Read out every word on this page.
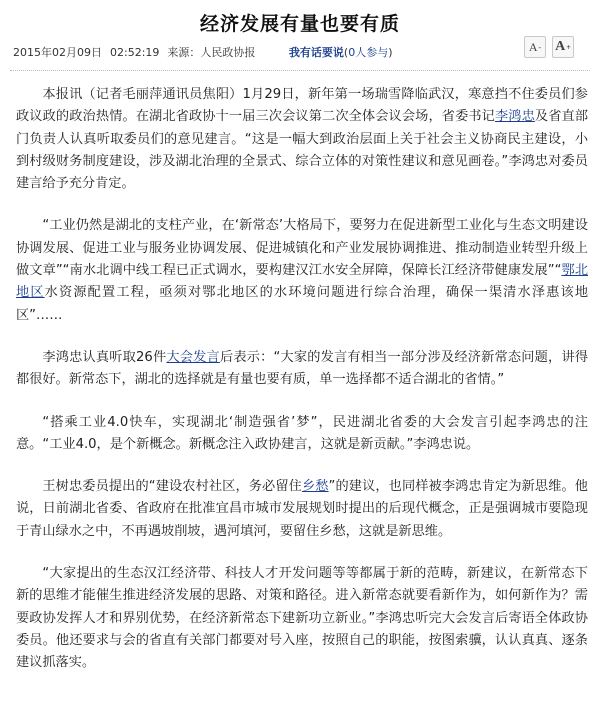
经济发展有量也要有质
2015年02月09日 02:52:19 来源：人民政协报	我有话要说(0人参与)	A - A +

本报讯（记者毛丽萍通讯员焦阳）1月29日，新年第一场瑞雪降临武汉，寒意挡不住委员们参政议政的政治热情。在湖北省政协十一届三次会议第二次全体会议会场，省委书记李鸿忠及省直部门负责人认真听取委员们的意见建言。“这是一幅大到政治层面上关于社会主义协商民主建设，小到村级财务制度建设，涉及湖北治理的全景式、综合立体的对策性建议和意见画卷。”李鸿忠对委员建言给予充分肯定。

“工业仍然是湖北的支柱产业，在‘新常态’大格局下，要努力在促进新型工业化与生态文明建设协调发展、促进工业与服务业协调发展、促进城镇化和产业发展协调推进、推动制造业转型升级上做文章”“南水北调中线工程已正式调水，要构建汉江水安全屏障，保障长江经济带健康发展”“鄂北地区水资源配置工程，亟须对鄂北地区的水环境问题进行综合治理，确保一渠清水泽惠该地区”……

李鸿忠认真听取26件大会发言后表示：“大家的发言有相当一部分涉及经济新常态问题，讲得都很好。新常态下，湖北的选择就是有量也要有质，单一选择都不适合湖北的省情。”

“搭乘工业4.0快车，实现湖北‘制造强省’梦”，民进湖北省委的大会发言引起李鸿忠的注意。“工业4.0，是个新概念。新概念注入政协建言，这就是新贡献。”李鸿忠说。

王树忠委员提出的“建设农村社区，务必留住乡愁”的建议，也同样被李鸿忠肯定为新思维。他说，日前湖北省委、省政府在批准宜昌市城市发展规划时提出的后现代概念，正是强调城市要隐现于青山绿水之中，不再遇坡削坡，遇河填河，要留住乡愁，这就是新思维。

“大家提出的生态汉江经济带、科技人才开发问题等等都属于新的范畴，新建议，在新常态下新的思维才能催生推进经济发展的思路、对策和路径。进入新常态就要看新作为，如何新作为？需要政协发挥人才和界别优势，在经济新常态下建新功立新业。”李鸿忠听完大会发言后寄语全体政协委员。他还要求与会的省直有关部门都要对号入座，按照自己的职能，按图索骥，认认真真、逐条建议抓落实。
